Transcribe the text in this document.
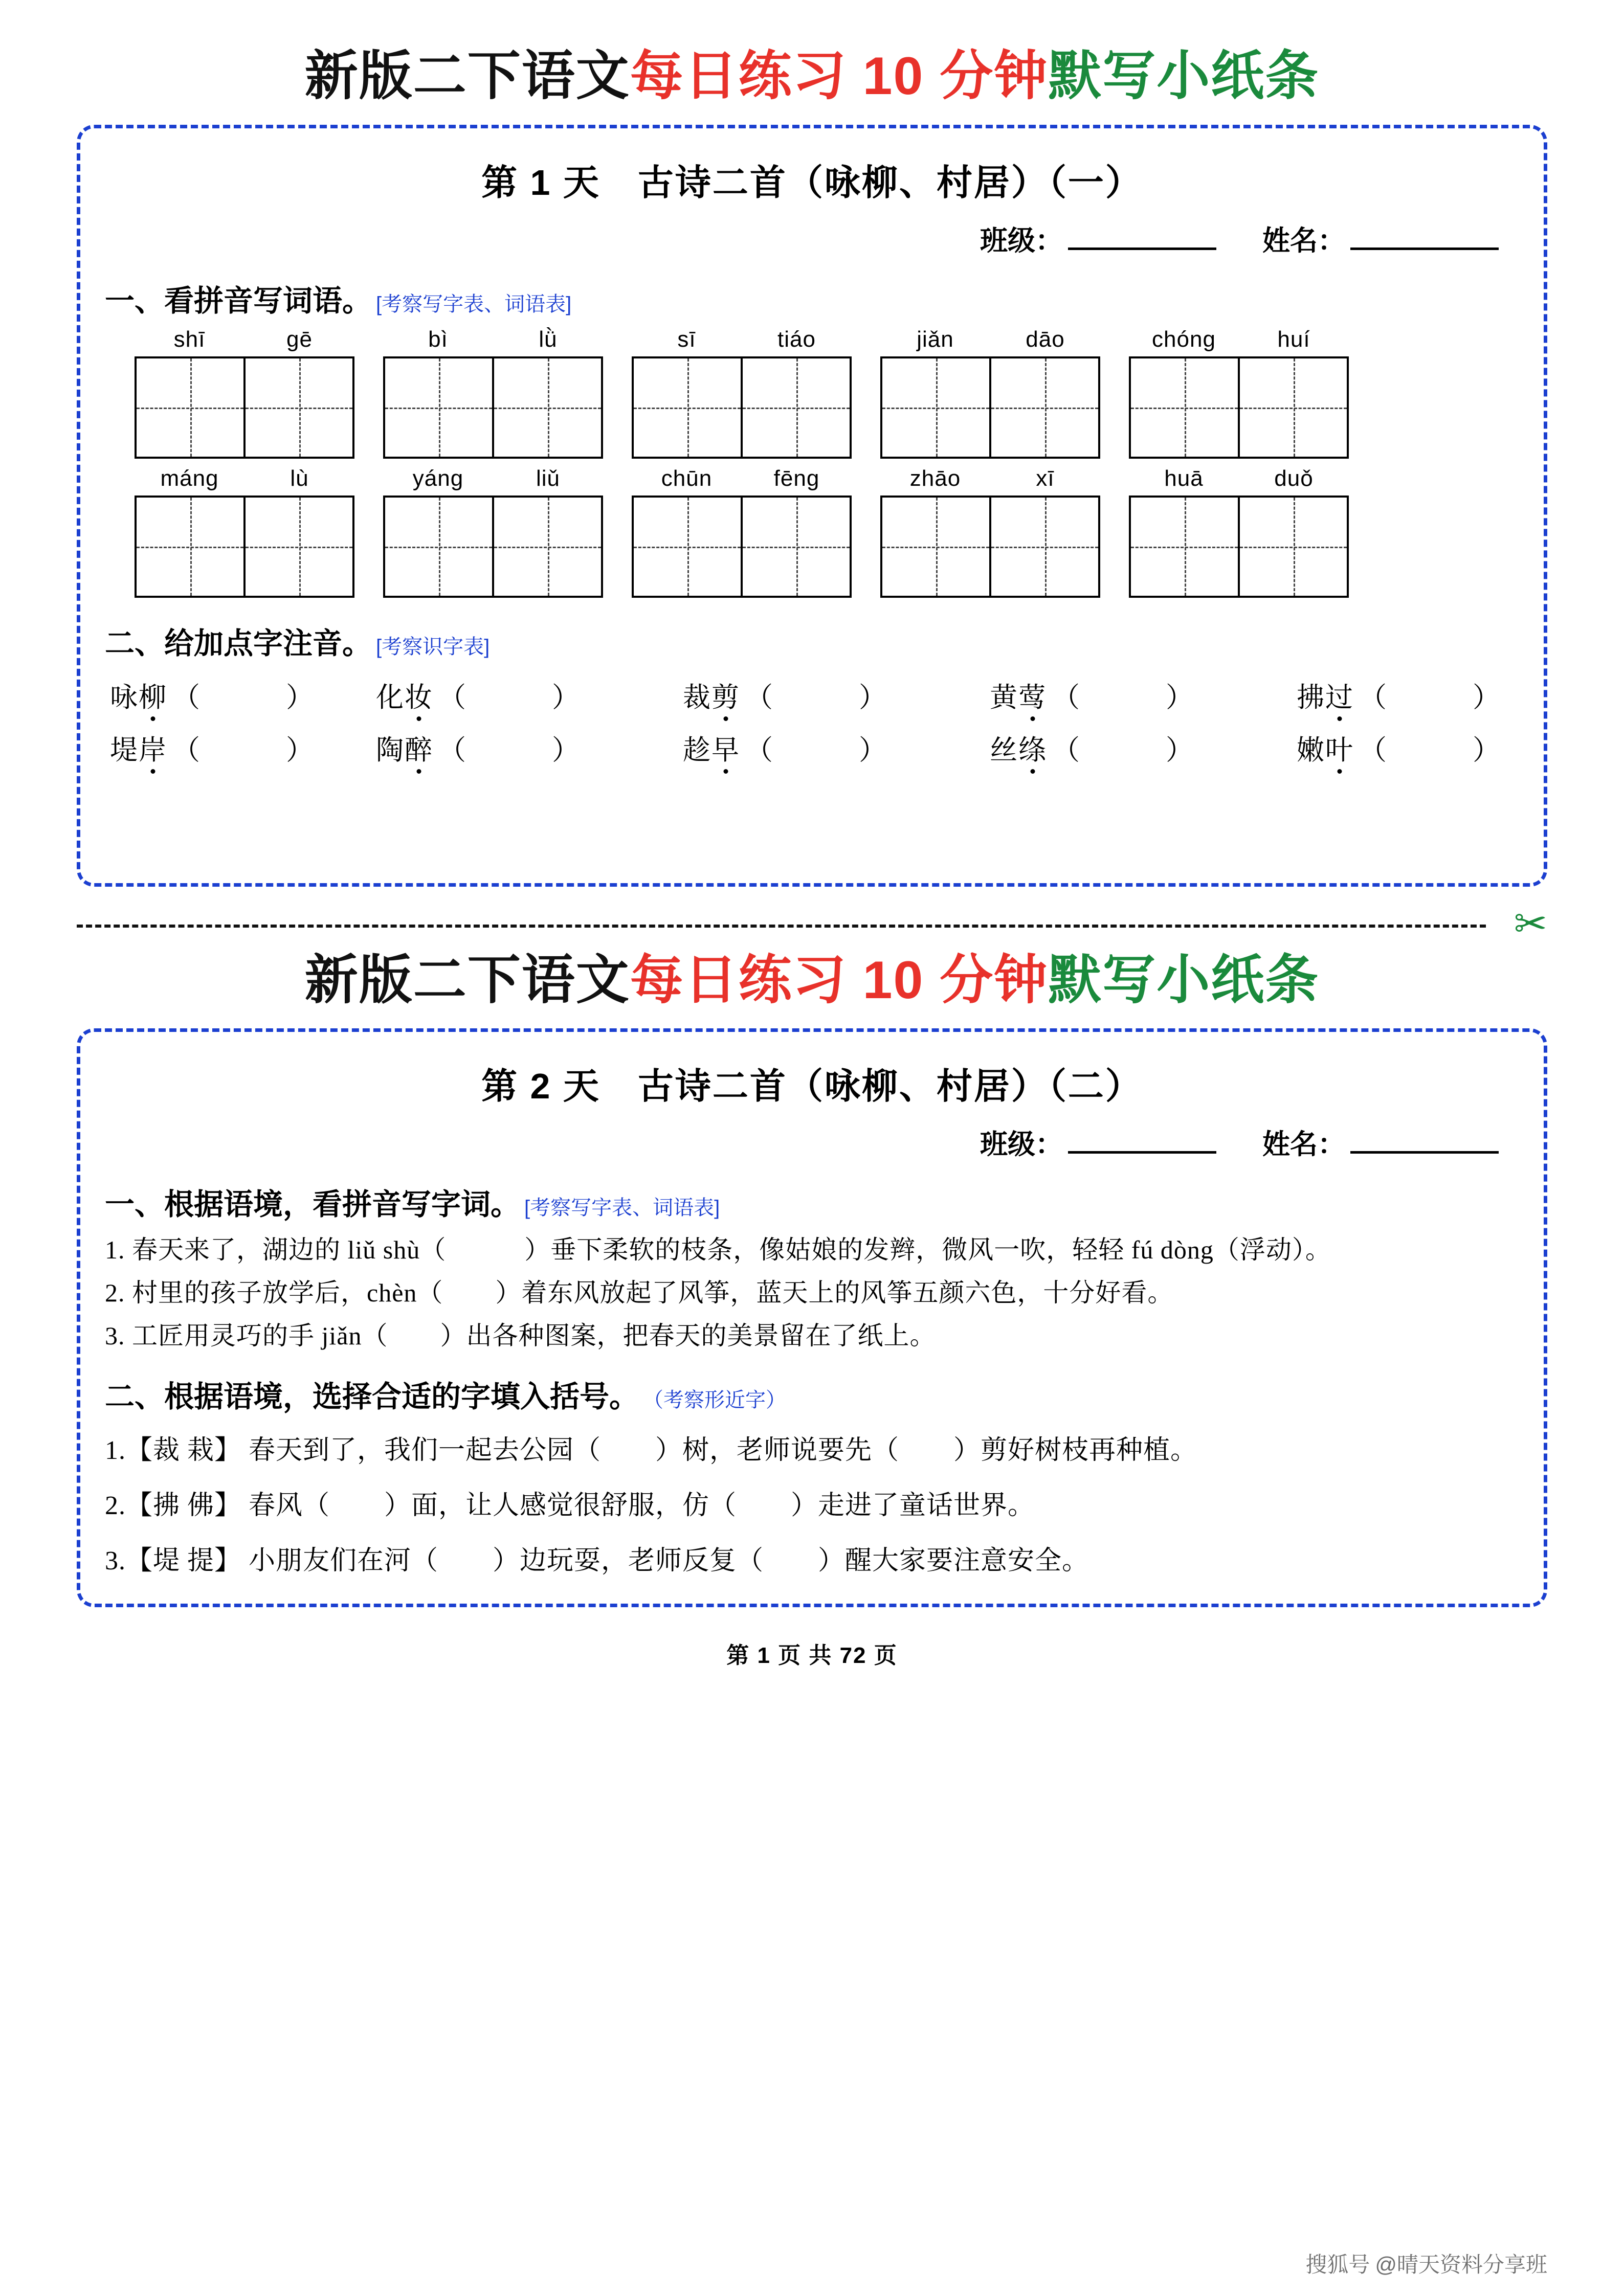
新版二下语文每日练习 10 分钟默写小纸条
第 1 天　古诗二首（咏柳、村居）（一）
班级：	姓名：
一、看拼音写词语。 [考察写字表、词语表]
shī	gē	bì	lǜ	sī	tiáo	jiǎn	dāo	chóng	huí
máng	lù	yáng	liǔ	chūn	fēng	zhāo	xī	huā	duǒ
二、给加点字注音。 [考察识字表]
咏柳 （　　） 化妆 （　　）	裁剪 （　　）	黄莺 （　　）	拂过 （　　）
堤岸 （　　） 陶醉 （　　）	趁早 （　　）	丝绦 （　　）	嫩叶 （　　）
✂
新版二下语文每日练习 10 分钟默写小纸条
第 2 天　古诗二首（咏柳、村居）（二）
班级：	姓名：
一、根据语境，看拼音写字词。 [考察写字表、词语表]
1. 春天来了，湖边的 liǔ shù（　　　）垂下柔软的枝条，像姑娘的发辫，微风一吹，轻轻 fú dòng（浮动）。
2. 村里的孩子放学后，chèn（　　）着东风放起了风筝，蓝天上的风筝五颜六色，十分好看。
3. 工匠用灵巧的手 jiǎn（　　）出各种图案，把春天的美景留在了纸上。
二、根据语境，选择合适的字填入括号。 （考察形近字）
1.【裁 栽】 春天到了，我们一起去公园（　　）树，老师说要先（　　）剪好树枝再种植。
2.【拂 佛】 春风（　　）面，让人感觉很舒服，仿（　　）走进了童话世界。
3.【堤 提】 小朋友们在河（　　）边玩耍，老师反复（　　）醒大家要注意安全。
第 1 页 共 72 页
搜狐号 @晴天资料分享班
